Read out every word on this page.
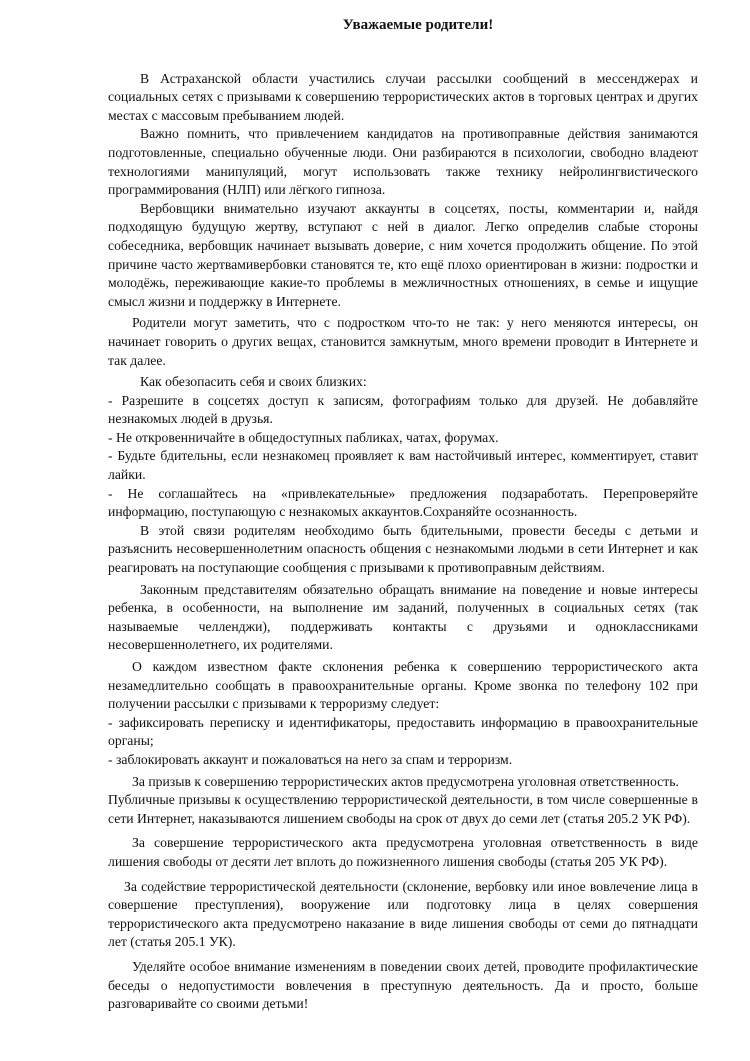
Уважаемые родители!

В Астраханской области участились случаи рассылки сообщений в мессенджерах и социальных сетях с призывами к совершению террористических актов в торговых центрах и других местах с массовым пребыванием людей.

Важно помнить, что привлечением кандидатов на противоправные действия занимаются подготовленные, специально обученные люди. Они разбираются в психологии, свободно владеют технологиями манипуляций, могут использовать также технику нейролингвистического программирования (НЛП) или лёгкого гипноза.

Вербовщики внимательно изучают аккаунты в соцсетях, посты, комментарии и, найдя подходящую будущую жертву, вступают с ней в диалог. Легко определив слабые стороны собеседника, вербовщик начинает вызывать доверие, с ним хочется продолжить общение. По этой причине часто жертвамивербовки становятся те, кто ещё плохо ориентирован в жизни: подростки и молодёжь, переживающие какие-то проблемы в межличностных отношениях, в семье и ищущие смысл жизни и поддержку в Интернете.

Родители могут заметить, что с подростком что-то не так: у него меняются интересы, он начинает говорить о других вещах, становится замкнутым, много времени проводит в Интернете и так далее.

Как обезопасить себя и своих близких:

- Разрешите в соцсетях доступ к записям, фотографиям только для друзей. Не добавляйте незнакомых людей в друзья.

- Не откровенничайте в общедоступных пабликах, чатах, форумах.

- Будьте бдительны, если незнакомец проявляет к вам настойчивый интерес, комментирует, ставит лайки.

- Не соглашайтесь на «привлекательные» предложения подзаработать. Перепроверяйте информацию, поступающую с незнакомых аккаунтов.Сохраняйте осознанность.

В этой связи родителям необходимо быть бдительными, провести беседы с детьми и разъяснить несовершеннолетним опасность общения с незнакомыми людьми в сети Интернет и как реагировать на поступающие сообщения с призывами к противоправным действиям.

Законным представителям обязательно обращать внимание на поведение и новые интересы ребенка, в особенности, на выполнение им заданий, полученных в социальных сетях (так называемые челленджи), поддерживать контакты с друзьями и одноклассниками несовершеннолетнего, их родителями.

О каждом известном факте склонения ребенка к совершению террористического акта незамедлительно сообщать в правоохранительные органы. Кроме звонка по телефону 102 при получении рассылки с призывами к терроризму следует:

- зафиксировать переписку и идентификаторы, предоставить информацию в правоохранительные органы;

- заблокировать аккаунт и пожаловаться на него за спам и терроризм.

За призыв к совершению террористических актов предусмотрена уголовная ответственность.

Публичные призывы к осуществлению террористической деятельности, в том числе совершенные в сети Интернет, наказываются лишением свободы на срок от двух до семи лет (статья 205.2 УК РФ).

За совершение террористического акта предусмотрена уголовная ответственность в виде лишения свободы от десяти лет вплоть до пожизненного лишения свободы (статья 205 УК РФ).

За содействие террористической деятельности (склонение, вербовку или иное вовлечение лица в совершение преступления), вооружение или подготовку лица в целях совершения террористического акта предусмотрено наказание в виде лишения свободы от семи до пятнадцати лет (статья 205.1 УК).

Уделяйте особое внимание изменениям в поведении своих детей, проводите профилактические беседы о недопустимости вовлечения в преступную деятельность. Да и просто, больше разговаривайте со своими детьми!
